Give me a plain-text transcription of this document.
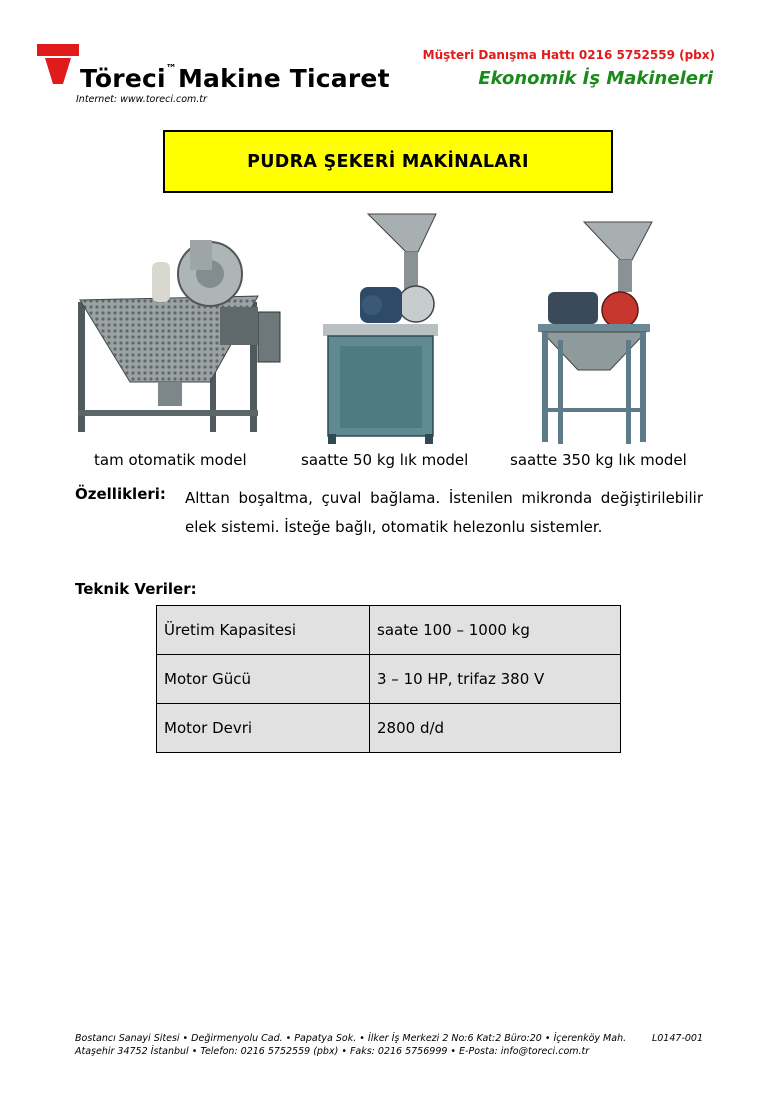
Töreci™Makine Ticaret
Internet: www.toreci.com.tr
Müşteri Danışma Hattı 0216 5752559 (pbx)
Ekonomik İş Makineleri
PUDRA ŞEKERİ MAKİNALARI
tam otomatik model	saatte 50 kg lık model	saatte 350 kg lık model
Özellikleri: Alttan boşaltma, çuval bağlama. İstenilen mikronda değiştirilebilir elek sistemi. İsteğe bağlı, otomatik helezonlu sistemler.
Teknik Veriler:
Üretim Kapasitesi	saate 100 – 1000 kg
Motor Gücü	3 – 10 HP, trifaz 380 V
Motor Devri	2800 d/d
Bostancı Sanayi Sitesi • Değirmenyolu Cad. • Papatya Sok. • İlker İş Merkezi 2 No:6 Kat:2 Büro:20 • İçerenköy Mah.
Ataşehir 34752 İstanbul • Telefon: 0216 5752559 (pbx) • Faks: 0216 5756999 • E-Posta: info@toreci.com.tr
L0147-001
